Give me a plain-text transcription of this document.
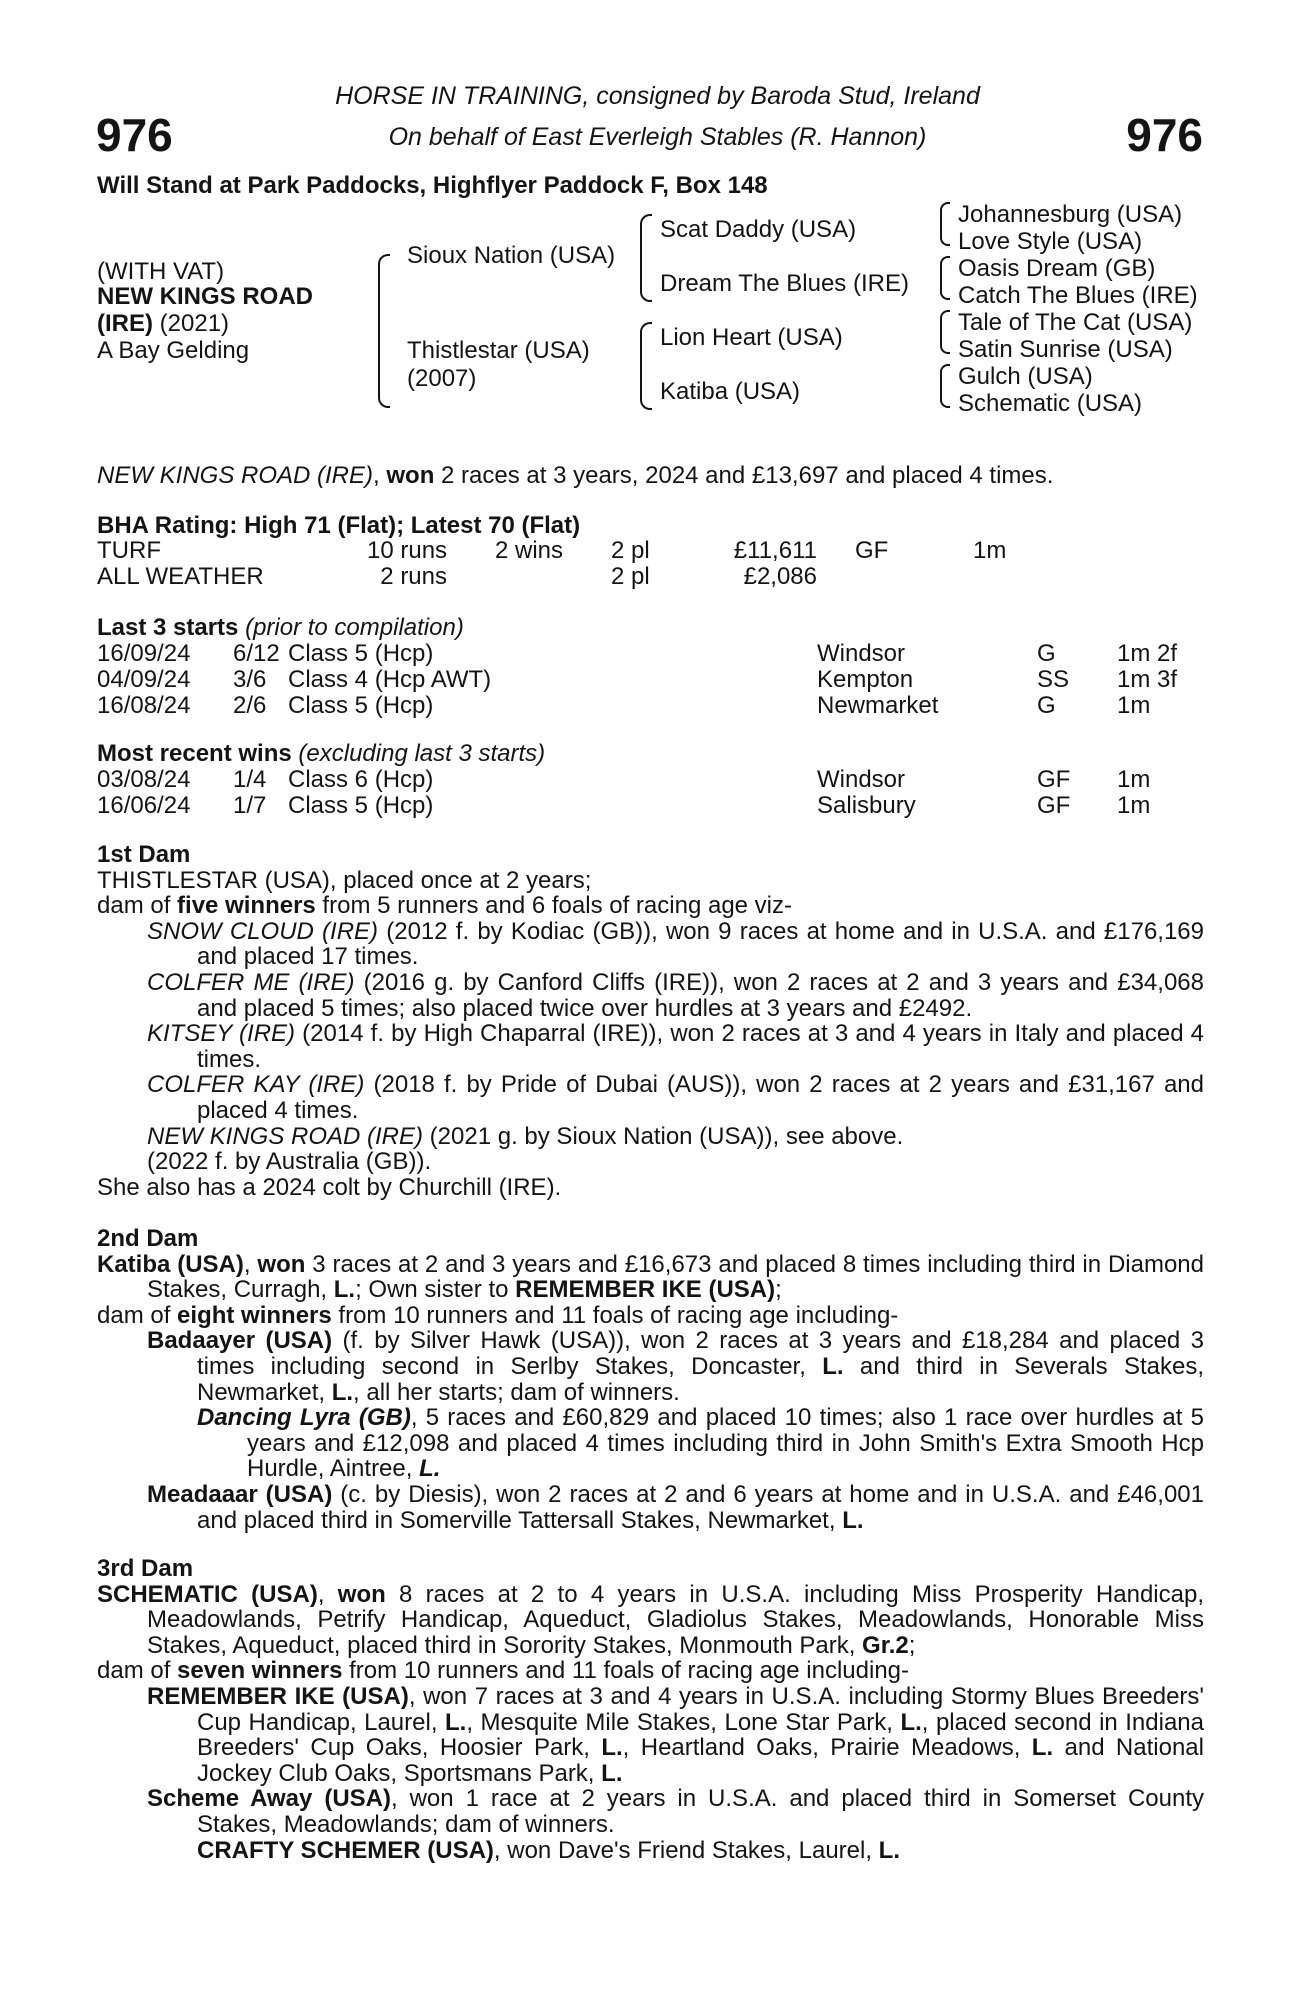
976	976
HORSE IN TRAINING, consigned by Baroda Stud, Ireland
On behalf of East Everleigh Stables (R. Hannon)
Will Stand at Park Paddocks, Highflyer Paddock F, Box 148
(WITH VAT)
NEW KINGS ROAD
(IRE) (2021)
A Bay Gelding
Sioux Nation (USA)
Thistlestar (USA)
(2007)
Scat Daddy (USA)
Dream The Blues (IRE)
Lion Heart (USA)
Katiba (USA)
Johannesburg (USA)
Love Style (USA)
Oasis Dream (GB)
Catch The Blues (IRE)
Tale of The Cat (USA)
Satin Sunrise (USA)
Gulch (USA)
Schematic (USA)
NEW KINGS ROAD (IRE), won 2 races at 3 years, 2024 and £13,697 and placed 4 times.
BHA Rating: High 71 (Flat); Latest 70 (Flat)
TURF	10 runs 2 wins 2 pl	£11,611 GF	1m
ALL WEATHER	2 runs	2 pl	£2,086
Last 3 starts (prior to compilation)
16/09/24 6/12 Class 5 (Hcp)	Windsor	G	1m 2f
04/09/24 3/6 Class 4 (Hcp AWT)	Kempton	SS 1m 3f
16/08/24 2/6 Class 5 (Hcp)	Newmarket	G	1m
Most recent wins (excluding last 3 starts)
03/08/24 1/4 Class 6 (Hcp)	Windsor	GF 1m
16/06/24 1/7 Class 5 (Hcp)	Salisbury	GF 1m
1st Dam
THISTLESTAR (USA), placed once at 2 years;
dam of five winners from 5 runners and 6 foals of racing age viz-
SNOW CLOUD (IRE) (2012 f. by Kodiac (GB)), won 9 races at home and in U.S.A. and £176,169 and placed 17 times.
COLFER ME (IRE) (2016 g. by Canford Cliffs (IRE)), won 2 races at 2 and 3 years and £34,068 and placed 5 times; also placed twice over hurdles at 3 years and £2492.
KITSEY (IRE) (2014 f. by High Chaparral (IRE)), won 2 races at 3 and 4 years in Italy and placed 4 times.
COLFER KAY (IRE) (2018 f. by Pride of Dubai (AUS)), won 2 races at 2 years and £31,167 and placed 4 times.
NEW KINGS ROAD (IRE) (2021 g. by Sioux Nation (USA)), see above.
(2022 f. by Australia (GB)).
She also has a 2024 colt by Churchill (IRE).
2nd Dam
Katiba (USA), won 3 races at 2 and 3 years and £16,673 and placed 8 times including third in Diamond Stakes, Curragh, L.; Own sister to REMEMBER IKE (USA);
dam of eight winners from 10 runners and 11 foals of racing age including-
Badaayer (USA) (f. by Silver Hawk (USA)), won 2 races at 3 years and £18,284 and placed 3 times including second in Serlby Stakes, Doncaster, L. and third in Severals Stakes, Newmarket, L., all her starts; dam of winners.
Dancing Lyra (GB), 5 races and £60,829 and placed 10 times; also 1 race over hurdles at 5 years and £12,098 and placed 4 times including third in John Smith's Extra Smooth Hcp Hurdle, Aintree, L.
Meadaaar (USA) (c. by Diesis), won 2 races at 2 and 6 years at home and in U.S.A. and £46,001 and placed third in Somerville Tattersall Stakes, Newmarket, L.
3rd Dam
SCHEMATIC (USA), won 8 races at 2 to 4 years in U.S.A. including Miss Prosperity Handicap, Meadowlands, Petrify Handicap, Aqueduct, Gladiolus Stakes, Meadowlands, Honorable Miss Stakes, Aqueduct, placed third in Sorority Stakes, Monmouth Park, Gr.2;
dam of seven winners from 10 runners and 11 foals of racing age including-
REMEMBER IKE (USA), won 7 races at 3 and 4 years in U.S.A. including Stormy Blues Breeders' Cup Handicap, Laurel, L., Mesquite Mile Stakes, Lone Star Park, L., placed second in Indiana Breeders' Cup Oaks, Hoosier Park, L., Heartland Oaks, Prairie Meadows, L. and National Jockey Club Oaks, Sportsmans Park, L.
Scheme Away (USA), won 1 race at 2 years in U.S.A. and placed third in Somerset County Stakes, Meadowlands; dam of winners.
CRAFTY SCHEMER (USA), won Dave's Friend Stakes, Laurel, L.
